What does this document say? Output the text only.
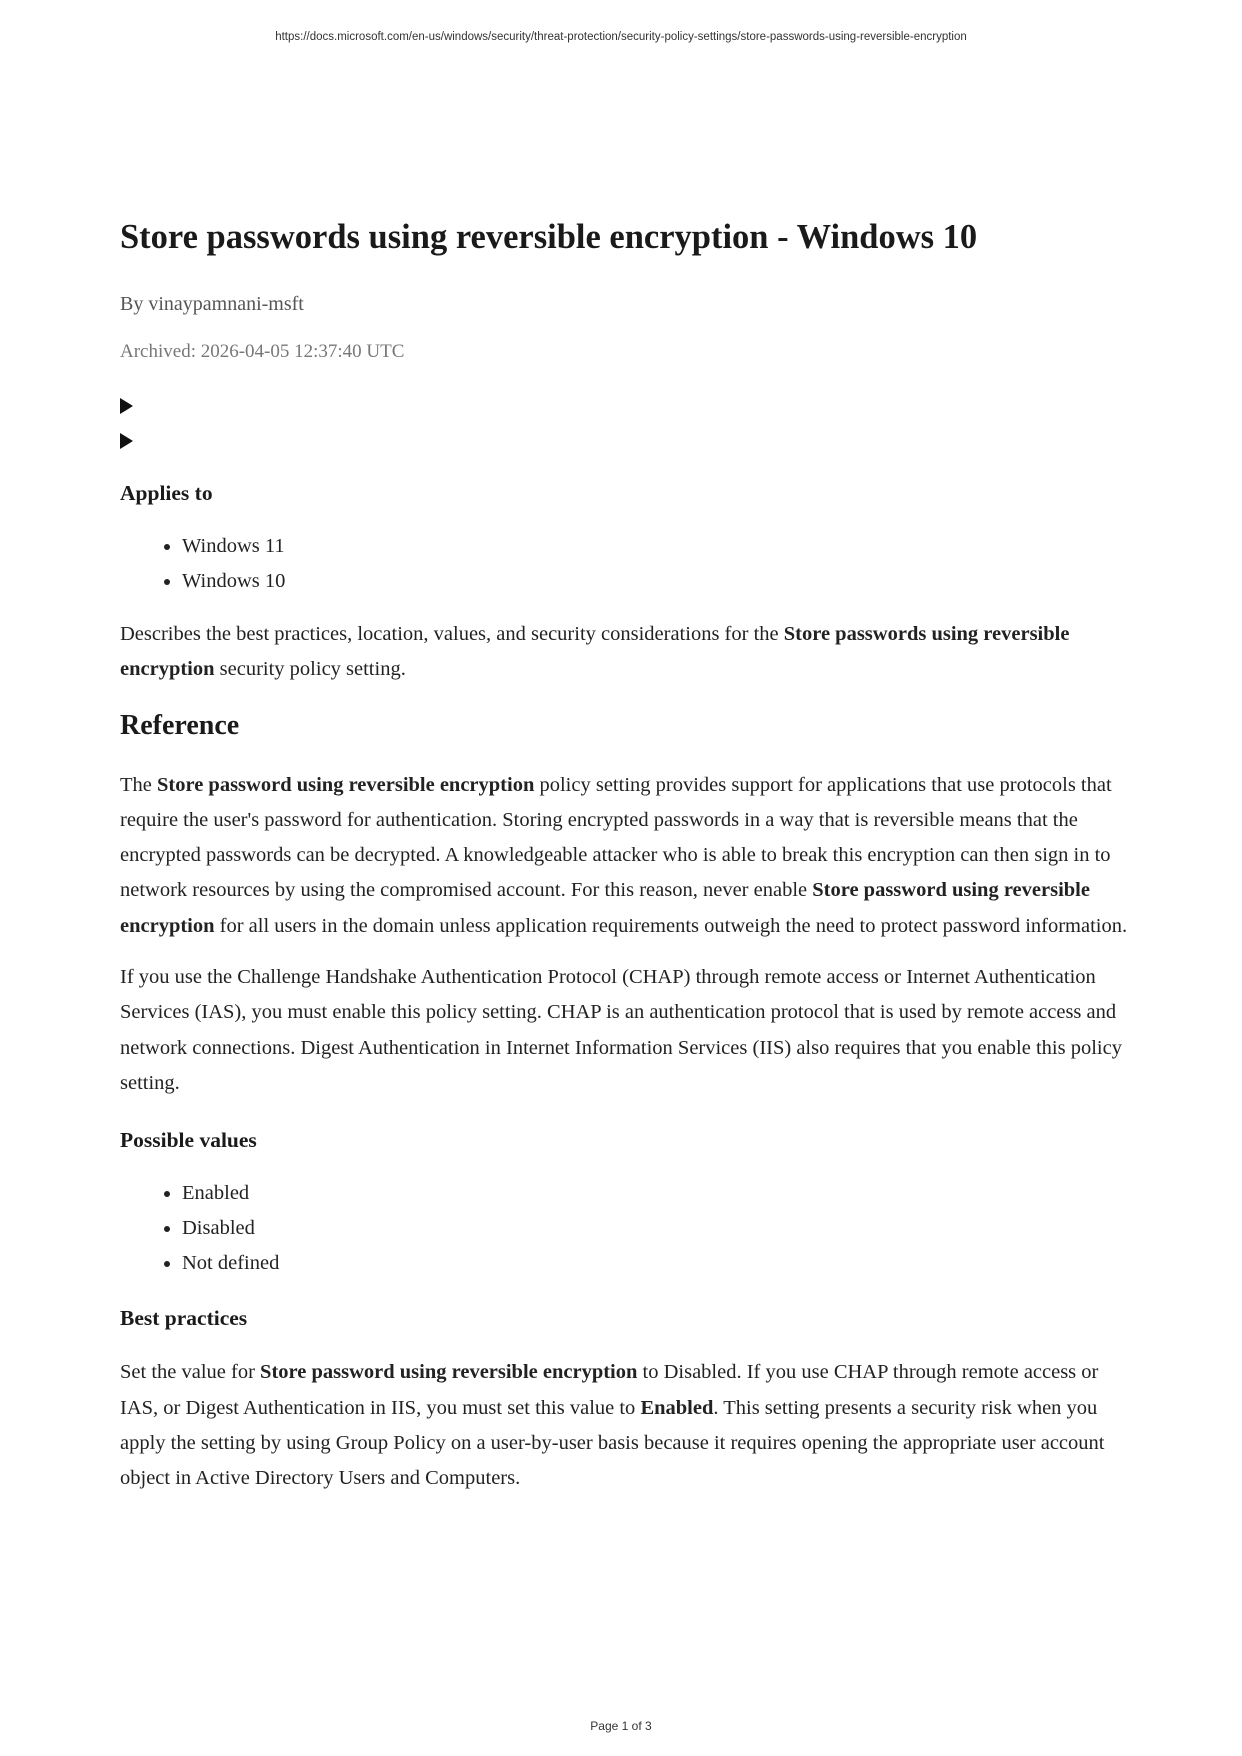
https://docs.microsoft.com/en-us/windows/security/threat-protection/security-policy-settings/store-passwords-using-reversible-encryption
Store passwords using reversible encryption - Windows 10
By vinaypamnani-msft
Archived: 2026-04-05 12:37:40 UTC
Applies to
• Windows 11
• Windows 10

Describes the best practices, location, values, and security considerations for the Store passwords using reversible encryption security policy setting.

Reference

The Store password using reversible encryption policy setting provides support for applications that use protocols that require the user's password for authentication. Storing encrypted passwords in a way that is reversible means that the encrypted passwords can be decrypted. A knowledgeable attacker who is able to break this encryption can then sign in to network resources by using the compromised account. For this reason, never enable Store password using reversible encryption for all users in the domain unless application requirements outweigh the need to protect password information.

If you use the Challenge Handshake Authentication Protocol (CHAP) through remote access or Internet Authentication Services (IAS), you must enable this policy setting. CHAP is an authentication protocol that is used by remote access and network connections. Digest Authentication in Internet Information Services (IIS) also requires that you enable this policy setting.

Possible values
• Enabled
• Disabled
• Not defined
Best practices

Set the value for Store password using reversible encryption to Disabled. If you use CHAP through remote access or IAS, or Digest Authentication in IIS, you must set this value to Enabled. This setting presents a security risk when you apply the setting by using Group Policy on a user-by-user basis because it requires opening the appropriate user account object in Active Directory Users and Computers.

Page 1 of 3
